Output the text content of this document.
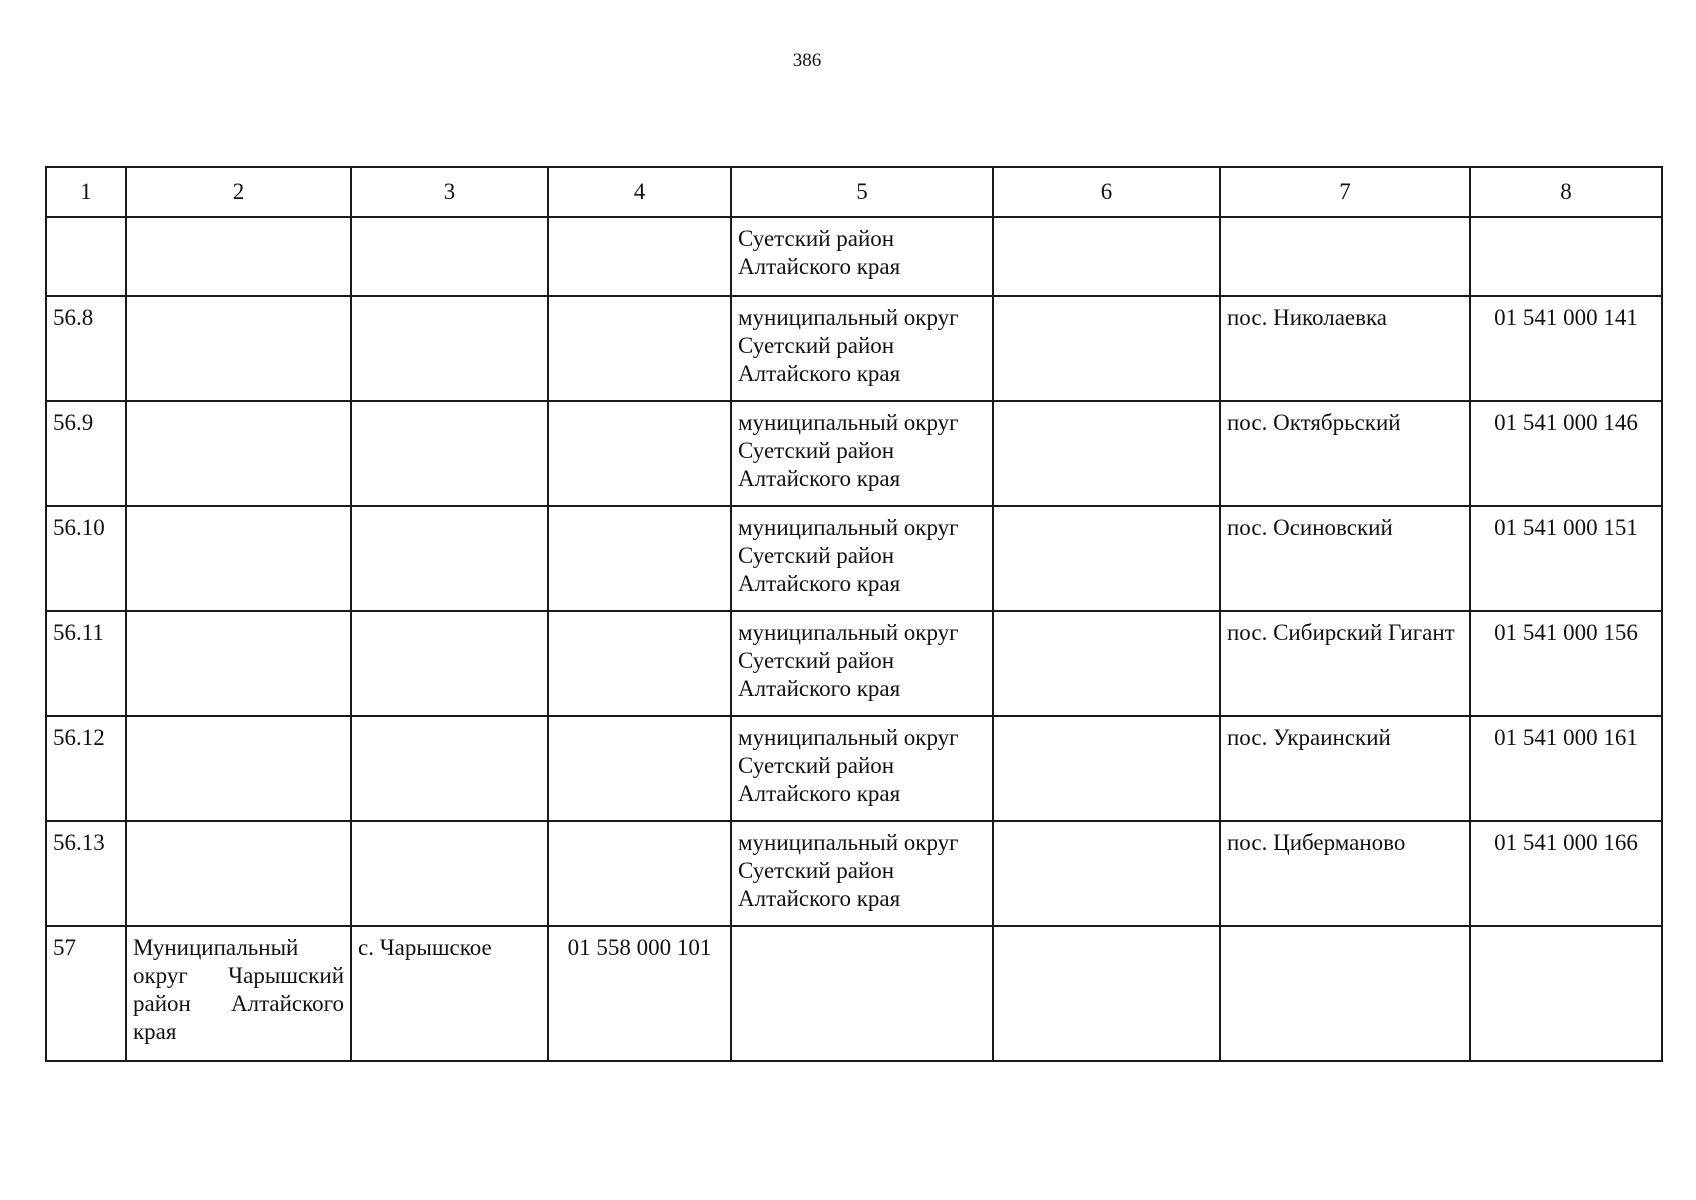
386
1	2	3	4	5	6	7	8
				Суетский район
Алтайского края			
56.8				муниципальный округ
Суетский район
Алтайского края		пос. Николаевка	01 541 000 141
56.9				муниципальный округ
Суетский район
Алтайского края		пос. Октябрьский	01 541 000 146
56.10				муниципальный округ
Суетский район
Алтайского края		пос. Осиновский	01 541 000 151
56.11				муниципальный округ
Суетский район
Алтайского края		пос. Сибирский Гигант	01 541 000 156
56.12				муниципальный округ
Суетский район
Алтайского края		пос. Украинский	01 541 000 161
56.13				муниципальный округ
Суетский район
Алтайского края		пос. Циберманово	01 541 000 166
57	Муниципальный округ Чарышский район Алтайского края	с. Чарышское	01 558 000 101				
